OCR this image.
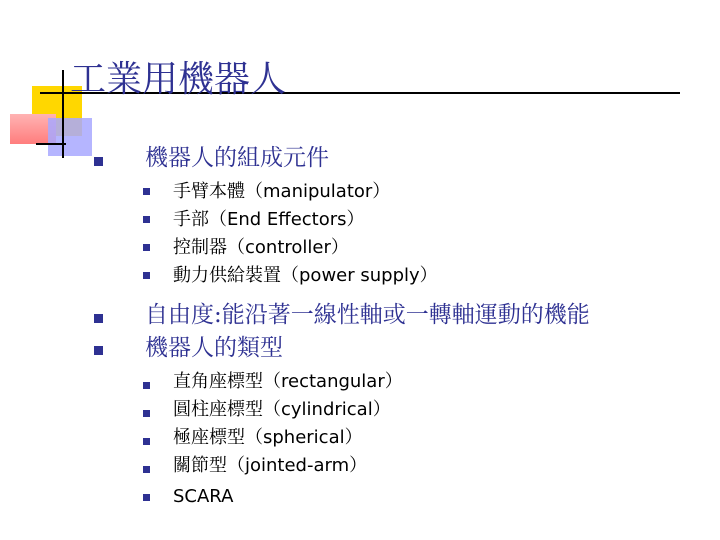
工業用機器人
機器人的組成元件
手臂本體（manipulator）
手部（End Effectors）
控制器（controller）
動力供給裝置（power supply）
自由度:能沿著一線性軸或一轉軸運動的機能
機器人的類型
直角座標型（rectangular）
圓柱座標型（cylindrical）
極座標型（spherical）
關節型（jointed-arm）
SCARA
